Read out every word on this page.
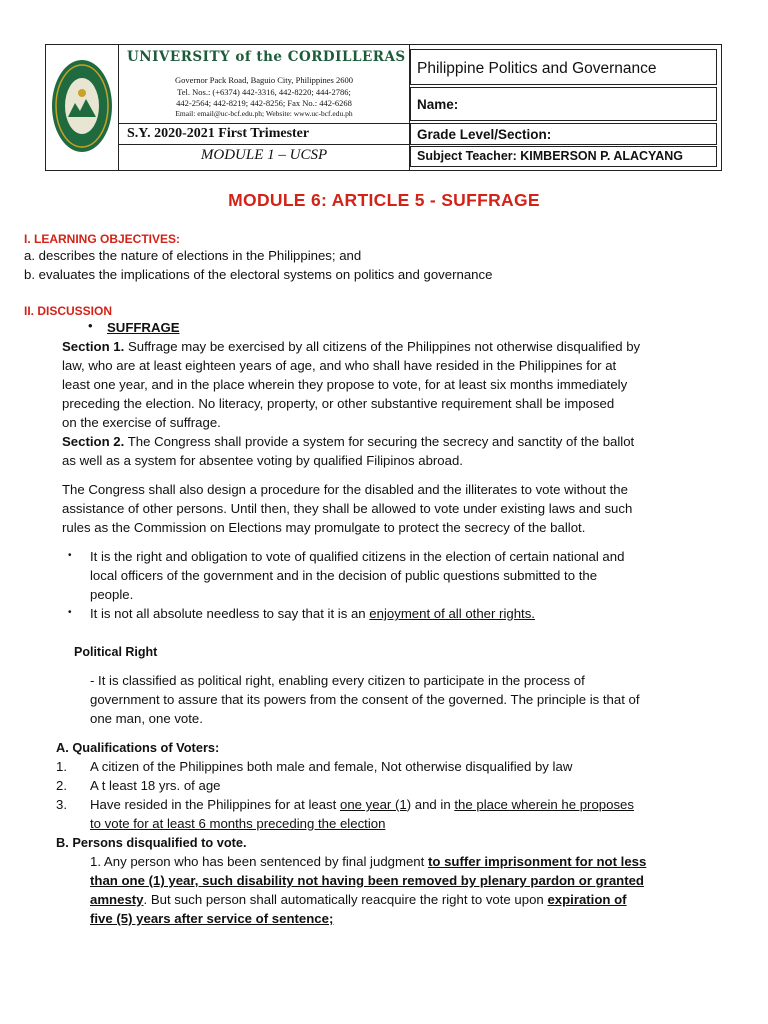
UNIVERSITY of the CORDILLERAS
Governor Pack Road, Baguio City, Philippines 2600
Tel. Nos.: (+6374) 442-3316, 442-8220; 444-2786;
442-2564; 442-8219; 442-8256; Fax No.: 442-6268
Email: email@uc-bcf.edu.ph; Website: www.uc-bcf.edu.ph
S.Y. 2020-2021 First Trimester
MODULE 1 – UCSP
Philippine Politics and Governance
Name:
Grade Level/Section:
Subject Teacher: KIMBERSON P. ALACYANG
MODULE 6: ARTICLE 5 - SUFFRAGE
I. LEARNING OBJECTIVES:
a. describes the nature of elections in the Philippines; and
b. evaluates the implications of the electoral systems on politics and governance
II. DISCUSSION
• SUFFRAGE
Section 1. Suffrage may be exercised by all citizens of the Philippines not otherwise disqualified by
law, who are at least eighteen years of age, and who shall have resided in the Philippines for at
least one year, and in the place wherein they propose to vote, for at least six months immediately
preceding the election. No literacy, property, or other substantive requirement shall be imposed
on the exercise of suffrage.
Section 2. The Congress shall provide a system for securing the secrecy and sanctity of the ballot
as well as a system for absentee voting by qualified Filipinos abroad.
The Congress shall also design a procedure for the disabled and the illiterates to vote without the
assistance of other persons. Until then, they shall be allowed to vote under existing laws and such
rules as the Commission on Elections may promulgate to protect the secrecy of the ballot.
• It is the right and obligation to vote of qualified citizens in the election of certain national and
local officers of the government and in the decision of public questions submitted to the
people.
• It is not all absolute needless to say that it is an enjoyment of all other rights.
Political Right
- It is classified as political right, enabling every citizen to participate in the process of
government to assure that its powers from the consent of the governed. The principle is that of
one man, one vote.
A. Qualifications of Voters:
1. A citizen of the Philippines both male and female, Not otherwise disqualified by law
2. A t least 18 yrs. of age
3. Have resided in the Philippines for at least one year (1) and in the place wherein he proposes
to vote for at least 6 months preceding the election
B. Persons disqualified to vote.
1. Any person who has been sentenced by final judgment to suffer imprisonment for not less
than one (1) year, such disability not having been removed by plenary pardon or granted
amnesty. But such person shall automatically reacquire the right to vote upon expiration of
five (5) years after service of sentence;
